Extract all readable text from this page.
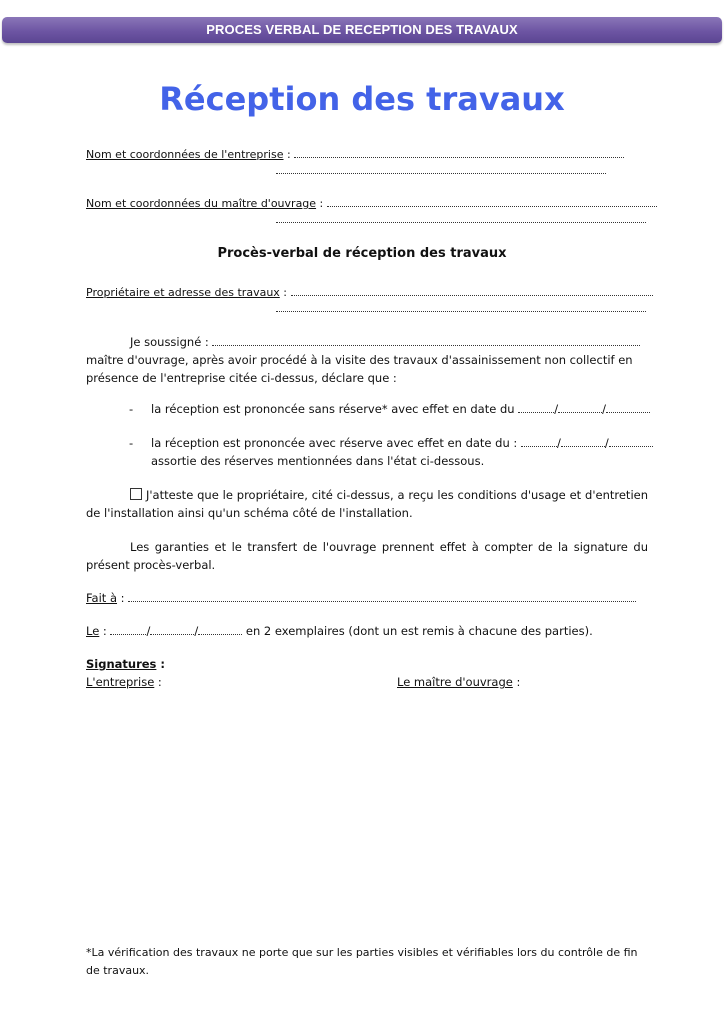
PROCES VERBAL DE RECEPTION DES TRAVAUX
Réception des travaux
Nom et coordonnées de l'entreprise :
Nom et coordonnées du maître d'ouvrage :
Procès-verbal de réception des travaux
Propriétaire et adresse des travaux :
Je soussigné :
maître d'ouvrage, après avoir procédé à la visite des travaux d'assainissement non collectif en présence de l'entreprise citée ci-dessus, déclare que :
- la réception est prononcée sans réserve* avec effet en date du	/	/
- la réception est prononcée avec réserve avec effet en date du :	/	/
assortie des réserves mentionnées dans l'état ci-dessous.
J'atteste que le propriétaire, cité ci-dessus, a reçu les conditions d'usage et d'entretien de l'installation ainsi qu'un schéma côté de l'installation.
Les garanties et le transfert de l'ouvrage prennent effet à compter de la signature du présent procès-verbal.
Fait à :
Le :	/	/	en 2 exemplaires (dont un est remis à chacune des parties).
Signatures :
L'entreprise :	Le maître d'ouvrage :
*La vérification des travaux ne porte que sur les parties visibles et vérifiables lors du contrôle de fin de travaux.
